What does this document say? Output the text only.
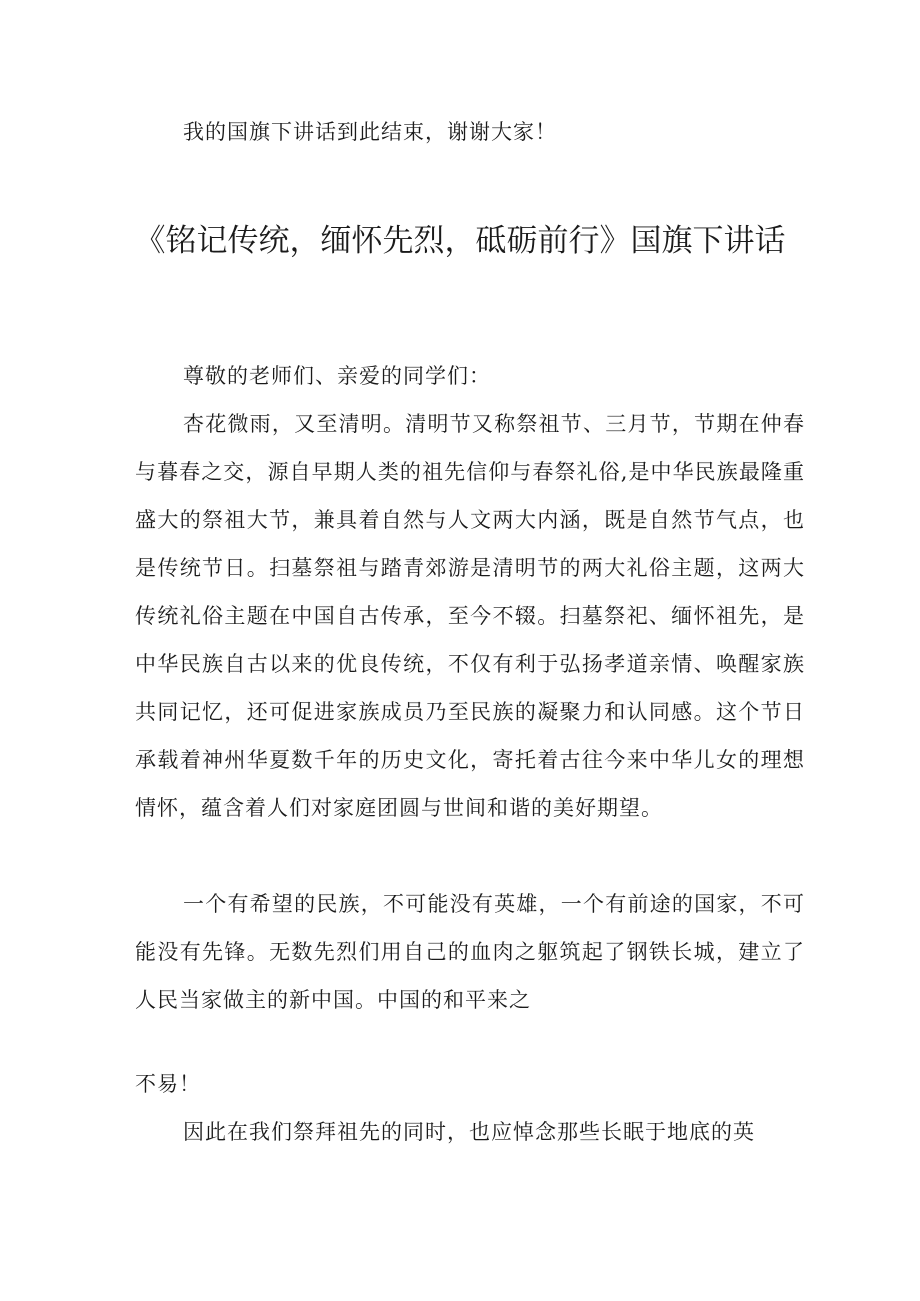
我的国旗下讲话到此结束，谢谢大家！

《铭记传统，缅怀先烈，砥砺前行》国旗下讲话

尊敬的老师们、亲爱的同学们：

杏花微雨，又至清明。清明节又称祭祖节、三月节，节期在仲春与暮春之交，源自早期人类的祖先信仰与春祭礼俗,是中华民族最隆重盛大的祭祖大节，兼具着自然与人文两大内涵，既是自然节气点，也是传统节日。扫墓祭祖与踏青郊游是清明节的两大礼俗主题，这两大传统礼俗主题在中国自古传承，至今不辍。扫墓祭祀、缅怀祖先，是中华民族自古以来的优良传统，不仅有利于弘扬孝道亲情、唤醒家族共同记忆，还可促进家族成员乃至民族的凝聚力和认同感。这个节日承载着神州华夏数千年的历史文化，寄托着古往今来中华儿女的理想情怀，蕴含着人们对家庭团圆与世间和谐的美好期望。

一个有希望的民族，不可能没有英雄，一个有前途的国家，不可能没有先锋。无数先烈们用自己的血肉之躯筑起了钢铁长城，建立了人民当家做主的新中国。中国的和平来之

不易！

因此在我们祭拜祖先的同时，也应悼念那些长眠于地底的英
